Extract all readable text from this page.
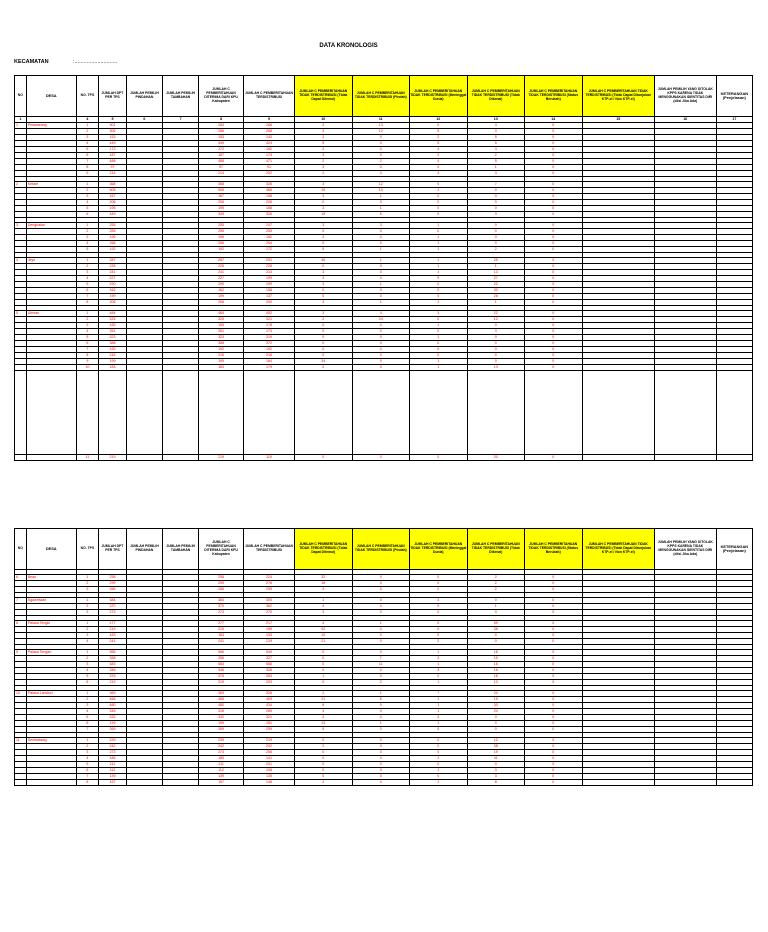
DATA KRONOLOGIS
KECAMATAN	:............................
NO	DESA	NO. TPS	JUMLAH DPT PER TPS	JUMLAH PEMILIH PINDAHAN	JUMLAH PEMILIH TAMBAHAN	JUMLAH C PEMBERITAHUAN DITERIMA DARI KPU Kabupaten	JUMLAH C PEMBERITAHUAN TERDISTRIBUSI	JUMLAH C PEMBERITAHUAN TIDAK TERDISTRIBUSI (Tidak Dapat Ditemui)	JUMLAH C PEMBERITAHUAN TIDAK TERDISTRIBUSI (Pindah)	JUMLAH C PEMBERITAHUAN TIDAK TERDISTRIBUSI (Meninggal Dunia)	JUMLAH C PEMBERITAHUAN TIDAK TERDISTRIBUSI (Tidak Dikenal)	JUMLAH C PEMBERITAHUAN TIDAK TERDISTRIBUSI (Status Berubah)	JUMLAH C PEMBERITAHUAN TIDAK TERDISTRIBUSI (Tidak Dapat Ditunjukan KTP-el / Non KTP-el)	JUMLAH PEMILIH YANG DITOLAK KPPS KARENA TIDAK MENGGUNAKAN IDENTITAS DIRI (diisi Jika Ada)	KETERANGAN (Penjelasan)
1		4	5	6	7	8	9	10	11	12	13	14	15	16	17
1	Pelawarang	1	301			283	266	3	13	0	3	0			
		2	306			286	268	3	12	5	3	0			
		3	153			153	143	3	0	2	5	0			
		4	449			449	424	5	0	5	5	0			
		5	172			172	162	3	0	4	3	0			
		6	187			187	174	3	0	2	2	0			
		7	488			488	471	2	2	4	5	0			
		8	97			97	91	3	0	0	1	0			
		9	214			214	202	2	3	4	3	0			

2	Ketare	1	368			368	326	3	12	0	7	0			
		2	505			505	466	25	13	1	0	0			
		3	167			167	158	3	1	0	0	0			
		4	206			206	206	0	0	0	0	0			
		5	195			195	188	3	1	0	0	0			
		6	349			349	326	15	5	0	3	0			

3	Dengkalan	1	255			255	247	3	3	1	0	0			
		2	255			255	255	0	0	0	0	0			
		3	196			196	162	3	0	1	0	0			
		4	266			266	264	0	0	1	0	0			
		5	192			192	172	5	1	1	2	0			

4	Jeys	1	287			287	251	46	1	1	25	0			
		2	226			226	226	0	0	1	1	0			
		3	241			241	213	3	0	1	13	0			
		4	227			227	199	3	0	0	27	0			
		5	290			290	199	3	1	0	22	0			
		6	162			162	158	0	0	0	30	0			
		7	199			199	137	0	0	0	26	0			
		8	206			206	200	3	1	1	1	0			

5	Ulehan	1	484			484	452	3	4	3	22	0			
		2	325			325	321	2	24	0	12	0			
		3	155			155	178	0	0	1	0	0			
		4	261			261	173	0	0	0	3	0			
		5	323			323	319	0	0	1	0	0			
		6	388			388	372	0	0	0	0	0			
		7	192			192	192	0	0	0	0	0			
		8	216			216	216	0	0	0	0	0			
		9	199			199	164	34	0	1	0	0			
		10	183			183	179	0	0	1	13	0			

		11	219			219	119	0	0	0	20	0			
NO	DESA	NO. TPS	JUMLAH DPT PER TPS	JUMLAH PEMILIH PINDAHAN	JUMLAH PEMILIH TAMBAHAN	JUMLAH C PEMBERITAHUAN DITERIMA DARI KPU Kabupaten	JUMLAH C PEMBERITAHUAN TERDISTRIBUSI	JUMLAH C PEMBERITAHUAN TIDAK TERDISTRIBUSI (Tidak Dapat Ditemui)	JUMLAH C PEMBERITAHUAN TIDAK TERDISTRIBUSI (Pindah)	JUMLAH C PEMBERITAHUAN TIDAK TERDISTRIBUSI (Meninggal Dunia)	JUMLAH C PEMBERITAHUAN TIDAK TERDISTRIBUSI (Tidak Dikenal)	JUMLAH C PEMBERITAHUAN TIDAK TERDISTRIBUSI (Status Berubah)	JUMLAH C PEMBERITAHUAN TIDAK TERDISTRIBUSI (Tidak Dapat Ditunjukan KTP-el / Non KTP-el)	JUMLAH PEMILIH YANG DITOLAK KPPS KARENA TIDAK MENGGUNAKAN IDENTITAS DIRI (diisi Jika Ada)	KETERANGAN (Penjelasan)

6	Beau	1	258			258	224	32	0	0	2	0			
		2	299			259	276	18	0	0	2	0			
		3	266			266	259	3	5	2	2	0			

7	Sgawmwan	1	384			384	300	1	0	3	0	0			
		2	370			370	362	4	0	0	1	0			
		3	273			273	270	3	0	0	0	0			

8	Palasa Tengki	1	277			277	217	4	1	0	59	0			
		2	219			219	189	92	0	0	38	0			
		3	163			163	153	10	0	0	0	0			
		4	241			241	219	21	0	2	0	0			

9	Palasa Tengah	1	566			566	549	0	0	1	16	0			
		2	356			356	327	0	7	3	19	0			
		3	583			583	566	0	11	1	16	0			
		4	346			346	328	0	0	3	16	0			
		5	376			376	354	1	0	0	16	0			
		6	219			219	203	0	2	1	13	0			

10	Palasa Lambori	1	369			369	328	2	1	7	20	0			
		2	466			466	409	21	6	1	19	0			
		3	480			480	434	6	0	1	30	0			
		4	316			316	285	4	0	1	20	0			
		5	332			332	321	4	0	3	0	0			
		6	199			199	181	13	1	1	0	0			
		7	269			269	259	5	0	5	0	0			

11	Sembatawg	1	239			239	219	0	0	0	12	0			
		2	242			242	202	2	0	0	38	0			
		3	273			273	256	0	0	0	19	0			
		4	185			185	141	0	0	1	41	0			
		5	211			211	201	0	0	0	0	0			
		6	112			112	108	0	0	1	3	0			
		7	139			139	135	0	0	0	3	0			
		8	157			157	146	2	0	1	8	0			
